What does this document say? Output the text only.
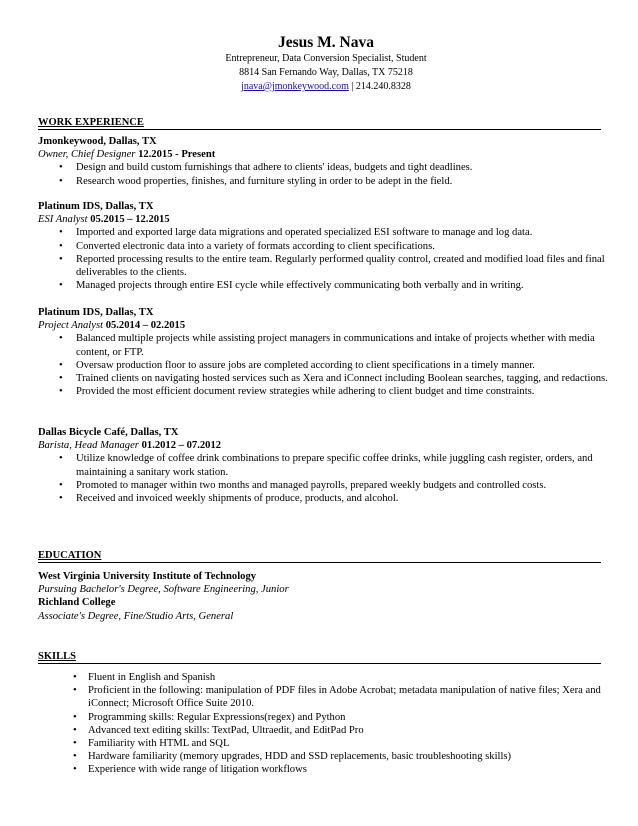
Jesus M. Nava
Entrepreneur, Data Conversion Specialist, Student
8814 San Fernando Way, Dallas, TX 75218
jnava@jmonkeywood.com | 214.240.8328
WORK EXPERIENCE
Jmonkeywood, Dallas, TX
Owner, Chief Designer 12.2015 - Present
• Design and build custom furnishings that adhere to clients' ideas, budgets and tight deadlines.
• Research wood properties, finishes, and furniture styling in order to be adept in the field.
Platinum IDS, Dallas, TX
ESI Analyst 05.2015 – 12.2015
• Imported and exported large data migrations and operated specialized ESI software to manage and log data.
• Converted electronic data into a variety of formats according to client specifications.
• Reported processing results to the entire team. Regularly performed quality control, created and modified load files and final deliverables to the clients.
• Managed projects through entire ESI cycle while effectively communicating both verbally and in writing.
Platinum IDS, Dallas, TX
Project Analyst 05.2014 – 02.2015
• Balanced multiple projects while assisting project managers in communications and intake of projects whether with media content, or FTP.
• Oversaw production floor to assure jobs are completed according to client specifications in a timely manner.
• Trained clients on navigating hosted services such as Xera and iConnect including Boolean searches, tagging, and redactions.
• Provided the most efficient document review strategies while adhering to client budget and time constraints.
Dallas Bicycle Café, Dallas, TX
Barista, Head Manager 01.2012 – 07.2012
• Utilize knowledge of coffee drink combinations to prepare specific coffee drinks, while juggling cash register, orders, and maintaining a sanitary work station.
• Promoted to manager within two months and managed payrolls, prepared weekly budgets and controlled costs.
• Received and invoiced weekly shipments of produce, products, and alcohol.
EDUCATION
West Virginia University Institute of Technology
Pursuing Bachelor's Degree, Software Engineering, Junior
Richland College
Associate's Degree, Fine/Studio Arts, General
SKILLS
• Fluent in English and Spanish
• Proficient in the following: manipulation of PDF files in Adobe Acrobat; metadata manipulation of native files; Xera and iConnect; Microsoft Office Suite 2010.
• Programming skills: Regular Expressions(regex) and Python
• Advanced text editing skills: TextPad, Ultraedit, and EditPad Pro
• Familiarity with HTML and SQL
• Hardware familiarity (memory upgrades, HDD and SSD replacements, basic troubleshooting skills)
• Experience with wide range of litigation workflows
